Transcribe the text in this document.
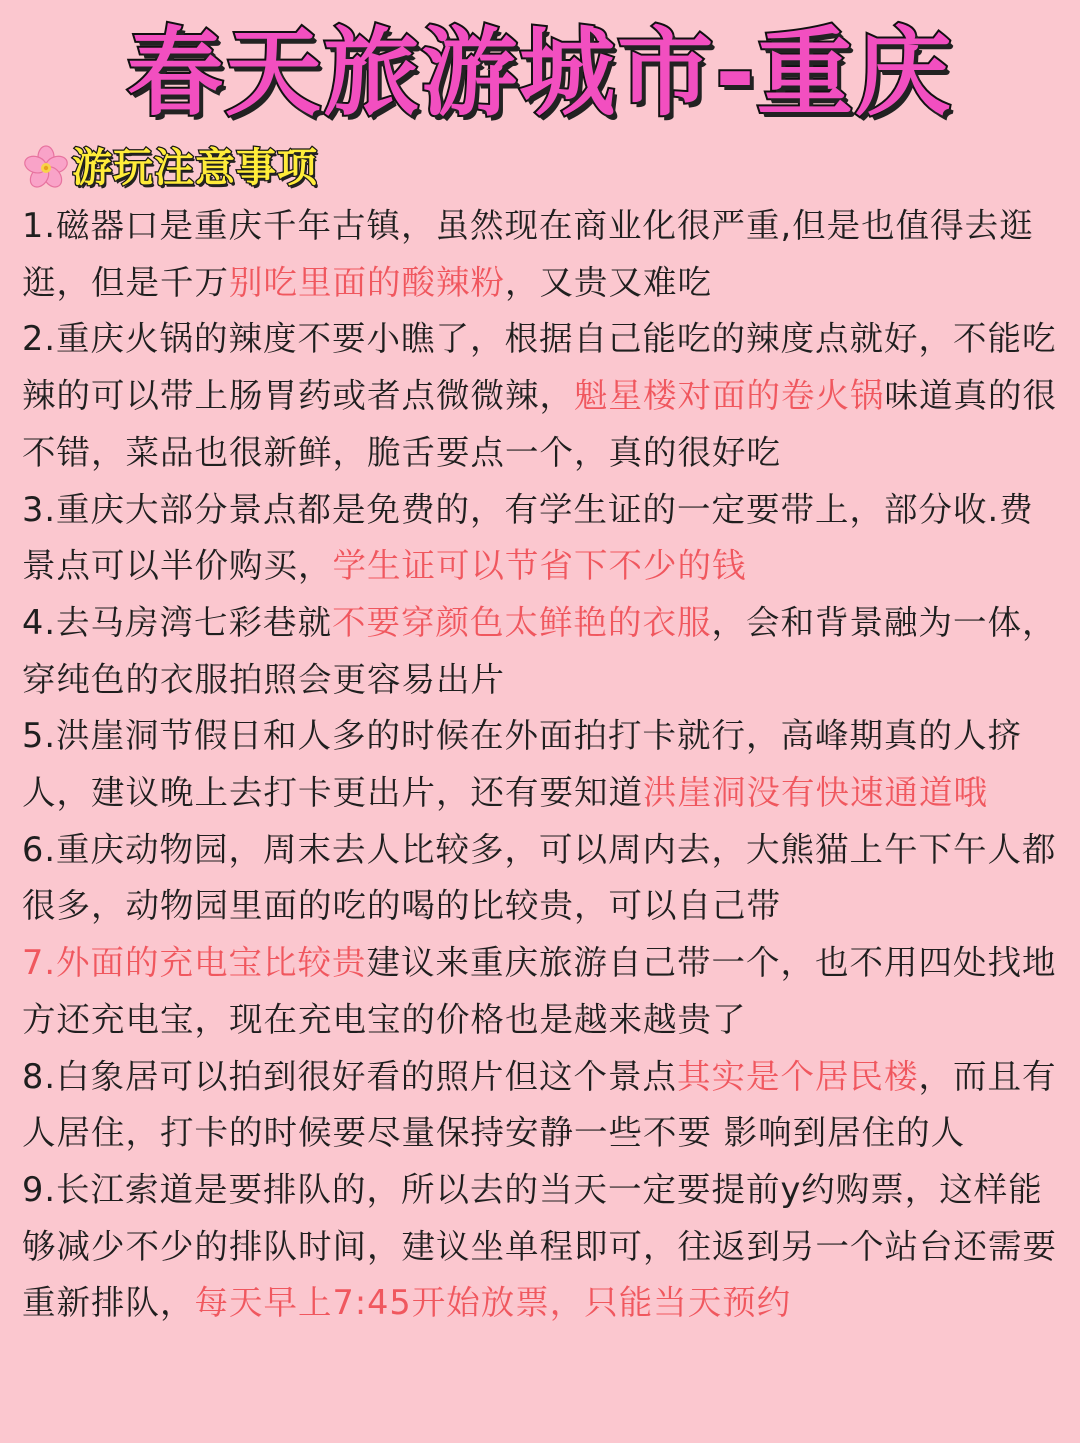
春天旅游城市-重庆
游玩注意事项

1.磁器口是重庆千年古镇，虽然现在商业化很严重,但是也值得去逛逛，但是千万别吃里面的酸辣粉，又贵又难吃

2.重庆火锅的辣度不要小瞧了，根据自己能吃的辣度点就好，不能吃辣的可以带上肠胃药或者点微微辣，魁星楼对面的卷火锅味道真的很不错，菜品也很新鲜，脆舌要点一个，真的很好吃

3.重庆大部分景点都是免费的，有学生证的一定要带上，部分收.费景点可以半价购买，学生证可以节省下不少的钱

4.去马房湾七彩巷就不要穿颜色太鲜艳的衣服，会和背景融为一体，穿纯色的衣服拍照会更容易出片

5.洪崖洞节假日和人多的时候在外面拍打卡就行，高峰期真的人挤人，建议晚上去打卡更出片，还有要知道洪崖洞没有快速通道哦

6.重庆动物园，周末去人比较多，可以周内去，大熊猫上午下午人都很多，动物园里面的吃的喝的比较贵，可以自己带

7.外面的充电宝比较贵建议来重庆旅游自己带一个，也不用四处找地方还充电宝，现在充电宝的价格也是越来越贵了

8.白象居可以拍到很好看的照片但这个景点其实是个居民楼，而且有人居住，打卡的时候要尽量保持安静一些不要 影响到居住的人

9.长江索道是要排队的，所以去的当天一定要提前y约购票，这样能够减少不少的排队时间，建议坐单程即可，往返到另一个站台还需要重新排队，每天早上7:45开始放票，只能当天预约
